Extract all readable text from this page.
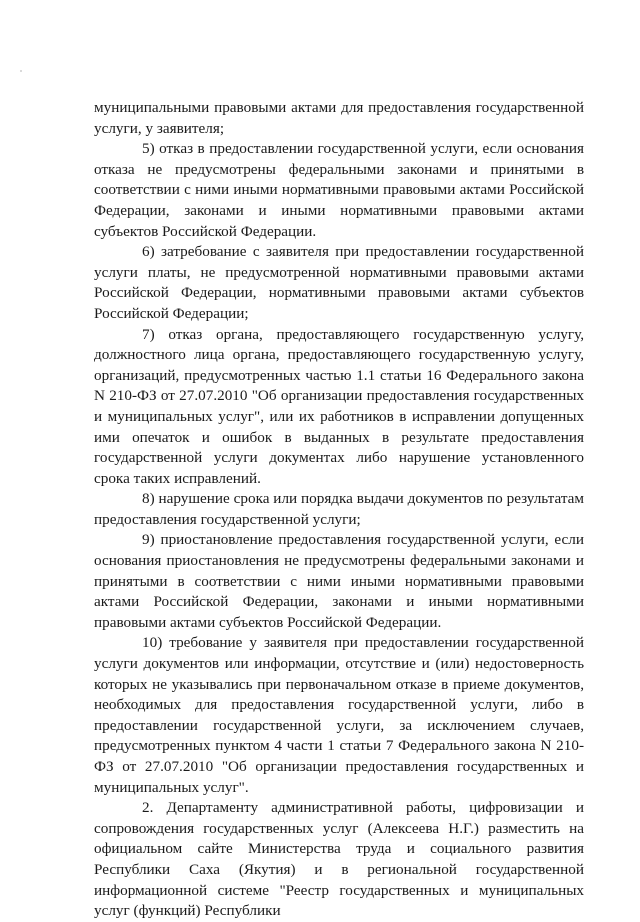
муниципальными правовыми актами для предоставления государственной услуги, у заявителя;

5) отказ в предоставлении государственной услуги, если основания отказа не предусмотрены федеральными законами и принятыми в соответствии с ними иными нормативными правовыми актами Российской Федерации, законами и иными нормативными правовыми актами субъектов Российской Федерации.

6) затребование с заявителя при предоставлении государственной услуги платы, не предусмотренной нормативными правовыми актами Российской Федерации, нормативными правовыми актами субъектов Российской Федерации;

7) отказ органа, предоставляющего государственную услугу, должностного лица органа, предоставляющего государственную услугу, организаций, предусмотренных частью 1.1 статьи 16 Федерального закона N 210-ФЗ от 27.07.2010 "Об организации предоставления государственных и муниципальных услуг", или их работников в исправлении допущенных ими опечаток и ошибок в выданных в результате предоставления государственной услуги документах либо нарушение установленного срока таких исправлений.

8) нарушение срока или порядка выдачи документов по результатам предоставления государственной услуги;

9) приостановление предоставления государственной услуги, если основания приостановления не предусмотрены федеральными законами и принятыми в соответствии с ними иными нормативными правовыми актами Российской Федерации, законами и иными нормативными правовыми актами субъектов Российской Федерации.

10) требование у заявителя при предоставлении государственной услуги документов или информации, отсутствие и (или) недостоверность которых не указывались при первоначальном отказе в приеме документов, необходимых для предоставления государственной услуги, либо в предоставлении государственной услуги, за исключением случаев, предусмотренных пунктом 4 части 1 статьи 7 Федерального закона N 210-ФЗ от 27.07.2010 "Об организации предоставления государственных и муниципальных услуг".

2. Департаменту административной работы, цифровизации и сопровождения государственных услуг (Алексеева Н.Г.) разместить на официальном сайте Министерства труда и социального развития Республики Саха (Якутия) и в региональной государственной информационной системе "Реестр государственных и муниципальных услуг (функций) Республики
